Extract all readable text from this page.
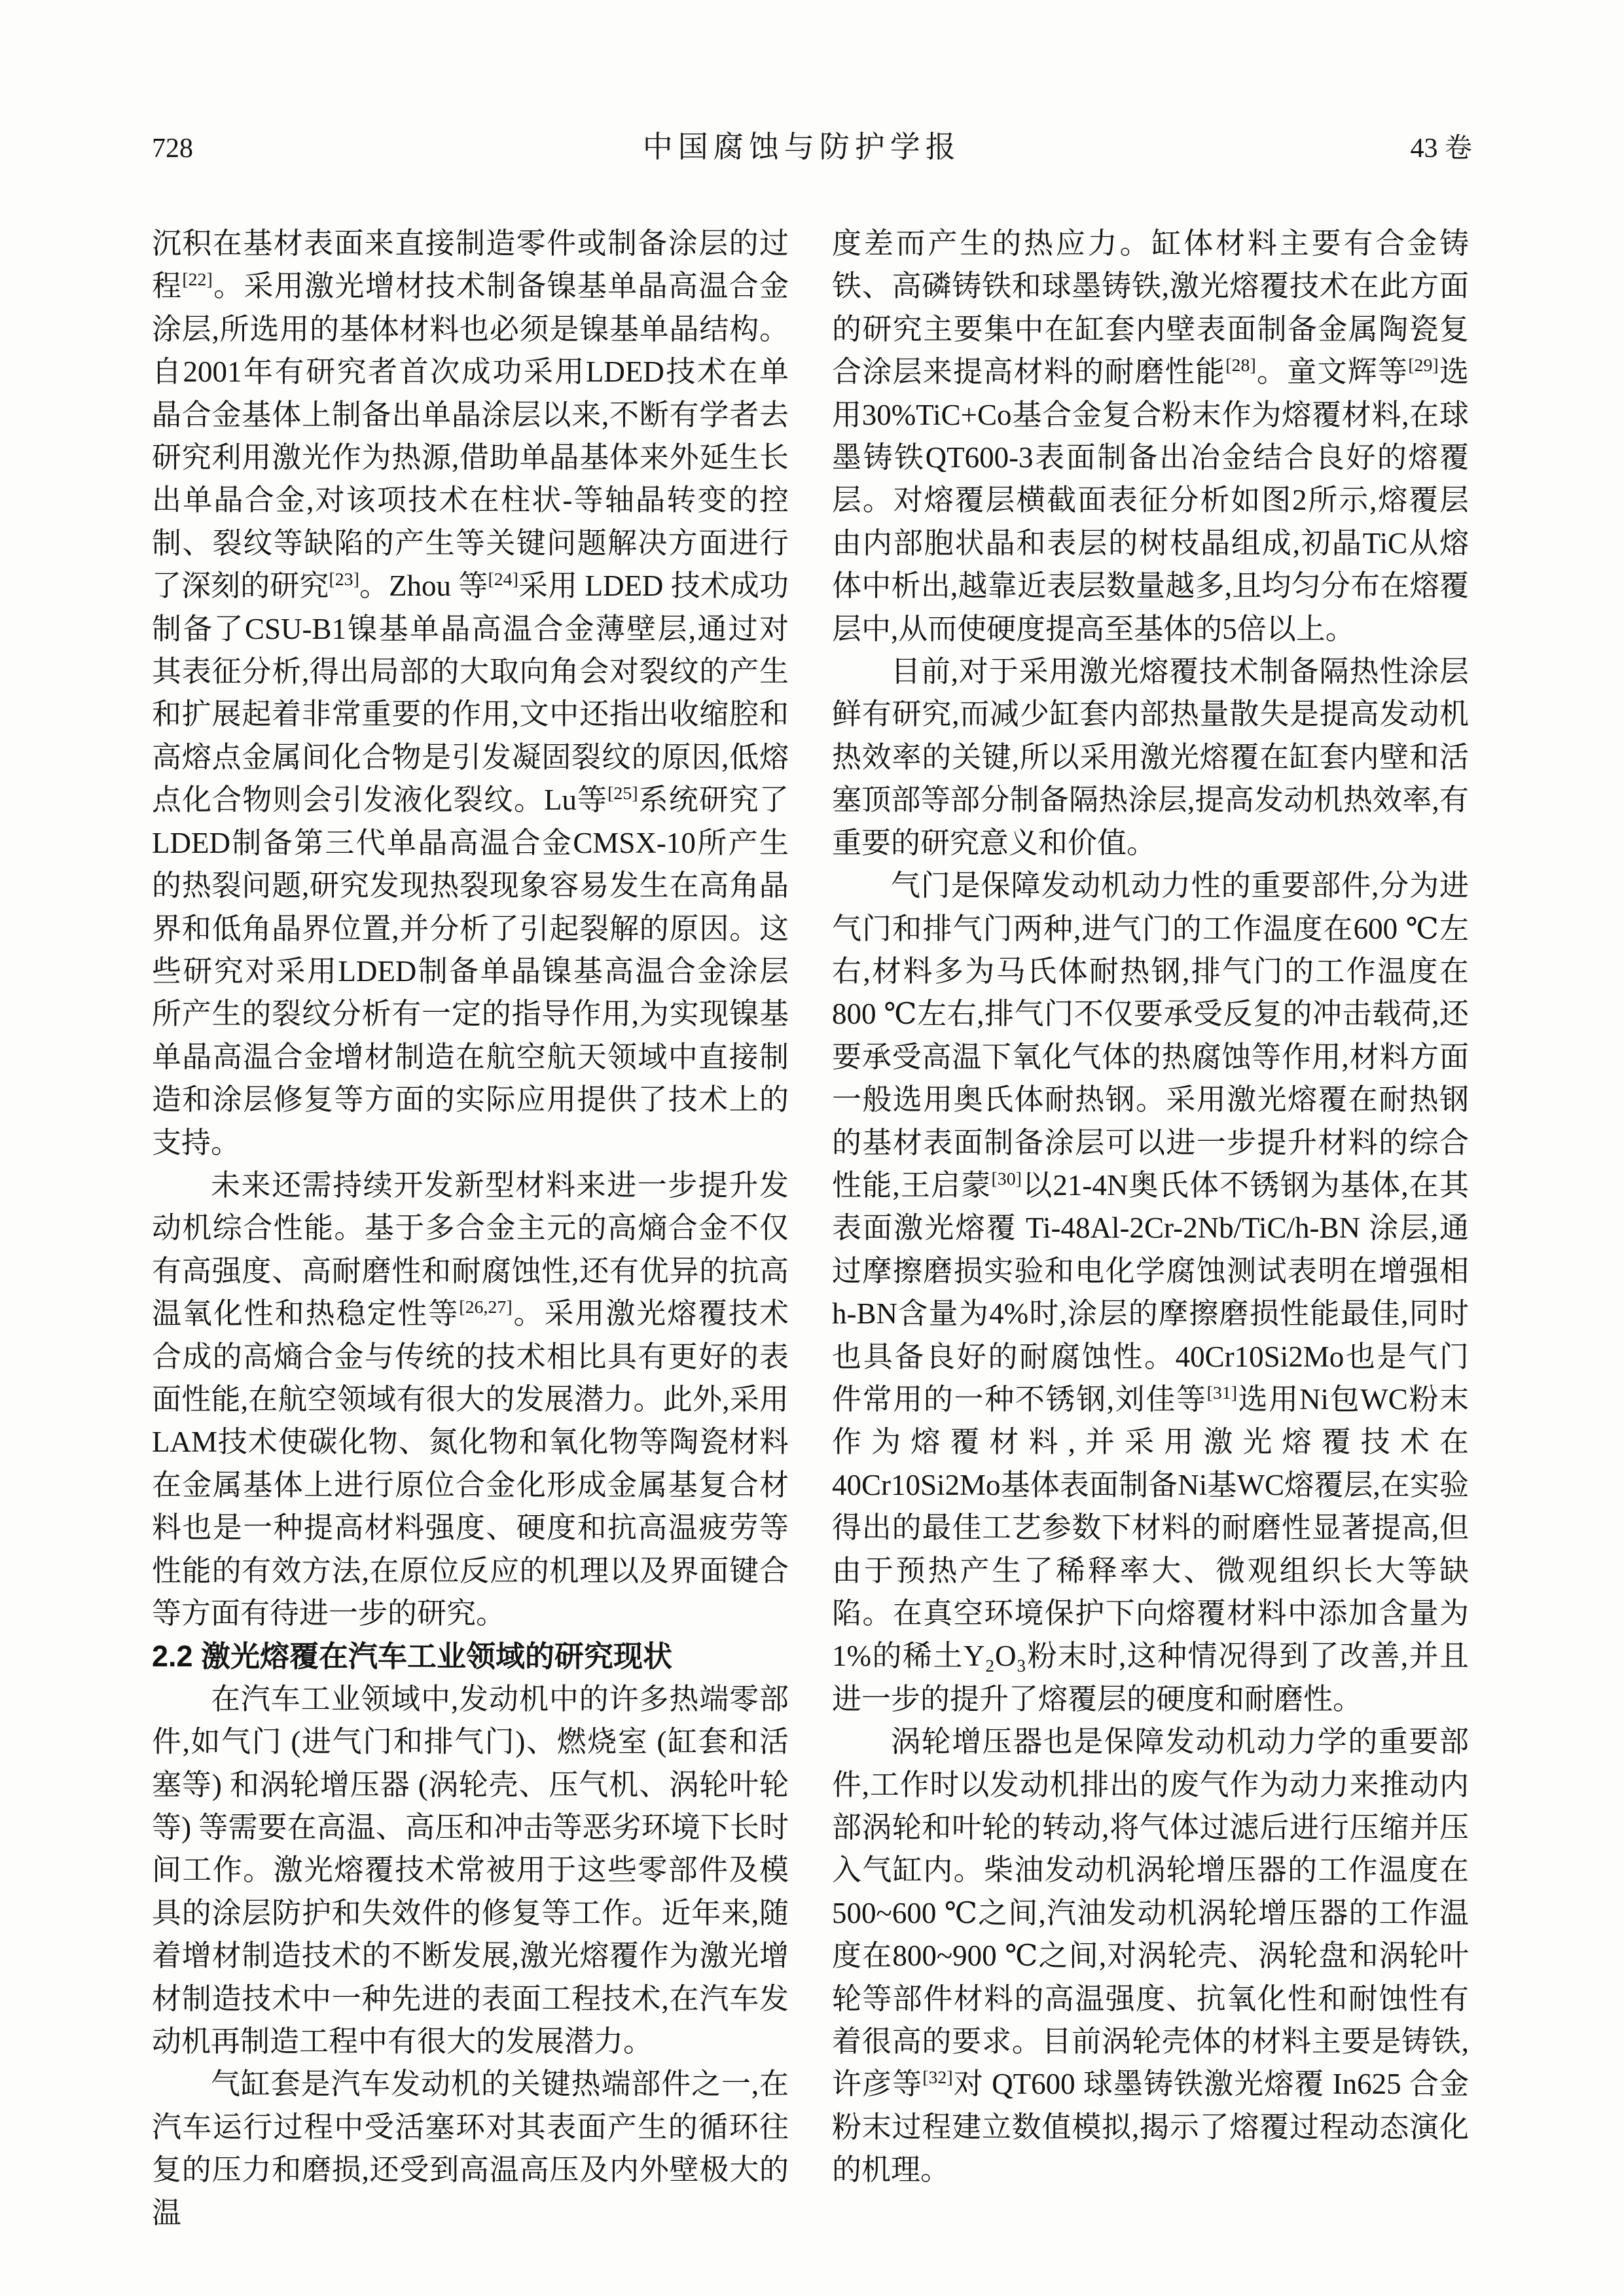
728	中国腐蚀与防护学报	43 卷

沉积在基材表面来直接制造零件或制备涂层的过程[22]。采用激光增材技术制备镍基单晶高温合金涂层,所选用的基体材料也必须是镍基单晶结构。自2001年有研究者首次成功采用LDED技术在单晶合金基体上制备出单晶涂层以来,不断有学者去研究利用激光作为热源,借助单晶基体来外延生长出单晶合金,对该项技术在柱状-等轴晶转变的控制、裂纹等缺陷的产生等关键问题解决方面进行了深刻的研究[23]。Zhou 等[24]采用 LDED 技术成功制备了CSU-B1镍基单晶高温合金薄壁层,通过对其表征分析,得出局部的大取向角会对裂纹的产生和扩展起着非常重要的作用,文中还指出收缩腔和高熔点金属间化合物是引发凝固裂纹的原因,低熔点化合物则会引发液化裂纹。Lu等[25]系统研究了LDED制备第三代单晶高温合金CMSX-10所产生的热裂问题,研究发现热裂现象容易发生在高角晶界和低角晶界位置,并分析了引起裂解的原因。这些研究对采用LDED制备单晶镍基高温合金涂层所产生的裂纹分析有一定的指导作用,为实现镍基单晶高温合金增材制造在航空航天领域中直接制造和涂层修复等方面的实际应用提供了技术上的支持。

未来还需持续开发新型材料来进一步提升发动机综合性能。基于多合金主元的高熵合金不仅有高强度、高耐磨性和耐腐蚀性,还有优异的抗高温氧化性和热稳定性等[26,27]。采用激光熔覆技术合成的高熵合金与传统的技术相比具有更好的表面性能,在航空领域有很大的发展潜力。此外,采用LAM技术使碳化物、氮化物和氧化物等陶瓷材料在金属基体上进行原位合金化形成金属基复合材料也是一种提高材料强度、硬度和抗高温疲劳等性能的有效方法,在原位反应的机理以及界面键合等方面有待进一步的研究。

2.2 激光熔覆在汽车工业领域的研究现状

在汽车工业领域中,发动机中的许多热端零部件,如气门 (进气门和排气门)、燃烧室 (缸套和活塞等) 和涡轮增压器 (涡轮壳、压气机、涡轮叶轮等) 等需要在高温、高压和冲击等恶劣环境下长时间工作。激光熔覆技术常被用于这些零部件及模具的涂层防护和失效件的修复等工作。近年来,随着增材制造技术的不断发展,激光熔覆作为激光增材制造技术中一种先进的表面工程技术,在汽车发动机再制造工程中有很大的发展潜力。

气缸套是汽车发动机的关键热端部件之一,在汽车运行过程中受活塞环对其表面产生的循环往复的压力和磨损,还受到高温高压及内外壁极大的温

度差而产生的热应力。缸体材料主要有合金铸铁、高磷铸铁和球墨铸铁,激光熔覆技术在此方面的研究主要集中在缸套内壁表面制备金属陶瓷复合涂层来提高材料的耐磨性能[28]。童文辉等[29]选用30%TiC+Co基合金复合粉末作为熔覆材料,在球墨铸铁QT600-3表面制备出冶金结合良好的熔覆层。对熔覆层横截面表征分析如图2所示,熔覆层由内部胞状晶和表层的树枝晶组成,初晶TiC从熔体中析出,越靠近表层数量越多,且均匀分布在熔覆层中,从而使硬度提高至基体的5倍以上。

目前,对于采用激光熔覆技术制备隔热性涂层鲜有研究,而减少缸套内部热量散失是提高发动机热效率的关键,所以采用激光熔覆在缸套内壁和活塞顶部等部分制备隔热涂层,提高发动机热效率,有重要的研究意义和价值。

气门是保障发动机动力性的重要部件,分为进气门和排气门两种,进气门的工作温度在600 ℃左右,材料多为马氏体耐热钢,排气门的工作温度在800 ℃左右,排气门不仅要承受反复的冲击载荷,还要承受高温下氧化气体的热腐蚀等作用,材料方面一般选用奥氏体耐热钢。采用激光熔覆在耐热钢的基材表面制备涂层可以进一步提升材料的综合性能,王启蒙[30]以21-4N奥氏体不锈钢为基体,在其表面激光熔覆 Ti-48Al-2Cr-2Nb/TiC/h-BN 涂层,通过摩擦磨损实验和电化学腐蚀测试表明在增强相h-BN含量为4%时,涂层的摩擦磨损性能最佳,同时也具备良好的耐腐蚀性。40Cr10Si2Mo也是气门件常用的一种不锈钢,刘佳等[31]选用Ni包WC粉末作为熔覆材料,并采用激光熔覆技术在 40Cr10Si2Mo基体表面制备Ni基WC熔覆层,在实验得出的最佳工艺参数下材料的耐磨性显著提高,但由于预热产生了稀释率大、微观组织长大等缺陷。在真空环境保护下向熔覆材料中添加含量为1%的稀土Y₂O₃粉末时,这种情况得到了改善,并且进一步的提升了熔覆层的硬度和耐磨性。

涡轮增压器也是保障发动机动力学的重要部件,工作时以发动机排出的废气作为动力来推动内部涡轮和叶轮的转动,将气体过滤后进行压缩并压入气缸内。柴油发动机涡轮增压器的工作温度在500~600 ℃之间,汽油发动机涡轮增压器的工作温度在800~900 ℃之间,对涡轮壳、涡轮盘和涡轮叶轮等部件材料的高温强度、抗氧化性和耐蚀性有着很高的要求。目前涡轮壳体的材料主要是铸铁,许彦等[32]对 QT600 球墨铸铁激光熔覆 In625 合金粉末过程建立数值模拟,揭示了熔覆过程动态演化的机理。
